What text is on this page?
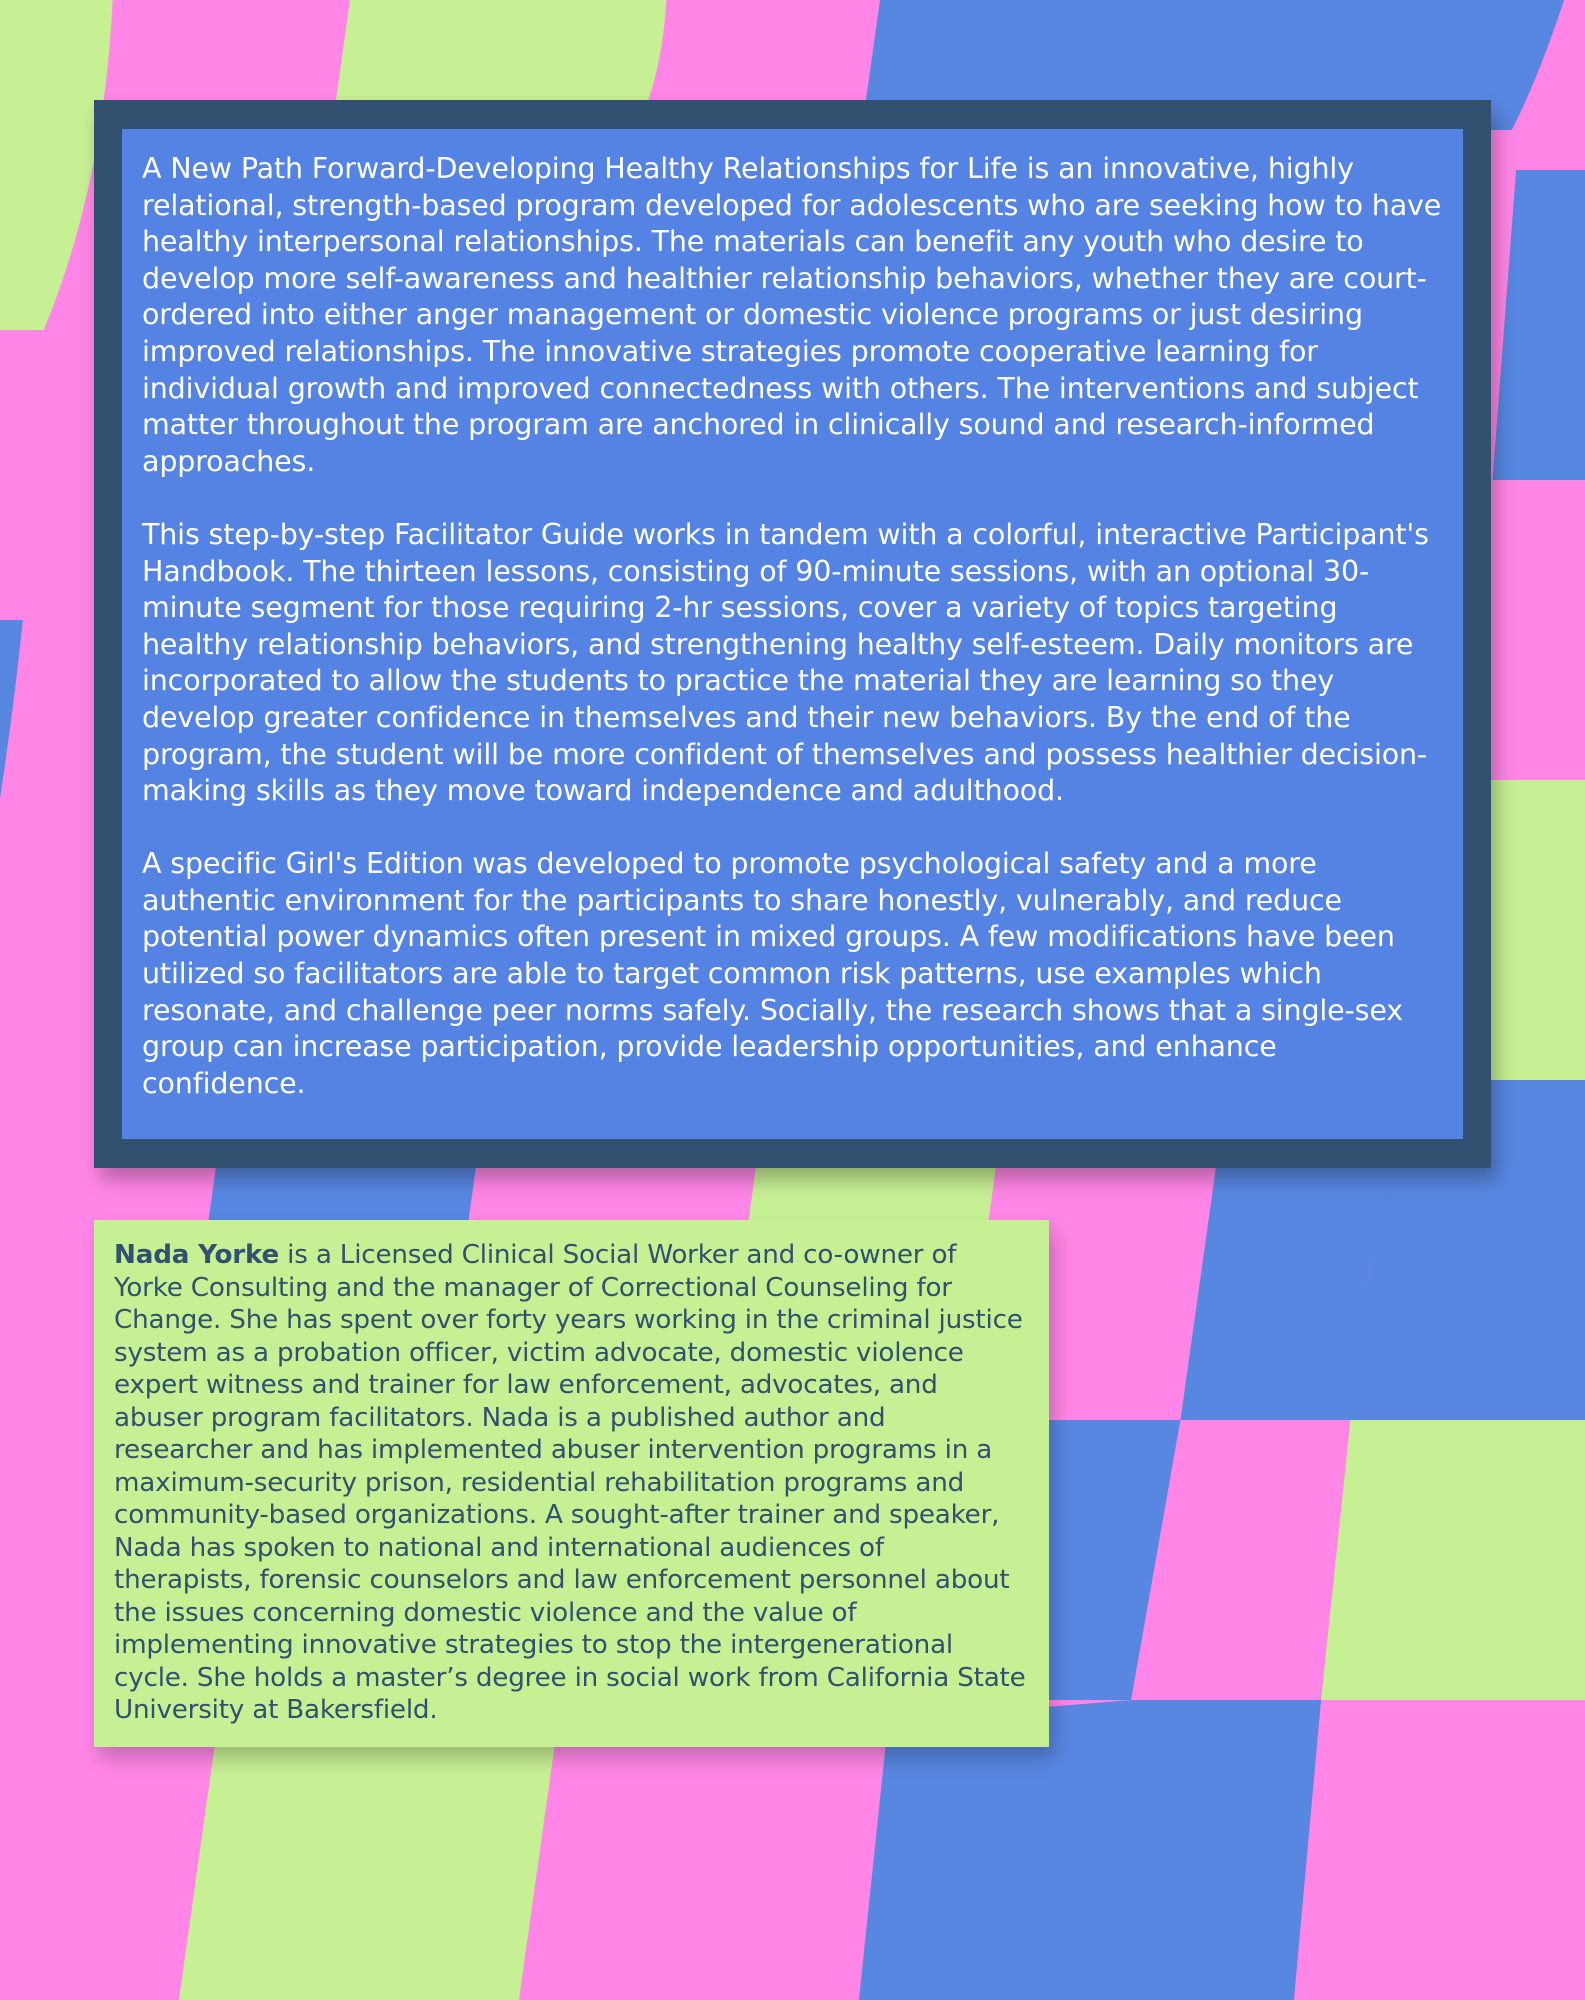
A New Path Forward-Developing Healthy Relationships for Life is an innovative, highly relational, strength-based program developed for adolescents who are seeking how to have healthy interpersonal relationships. The materials can benefit any youth who desire to develop more self-awareness and healthier relationship behaviors, whether they are court-ordered into either anger management or domestic violence programs or just desiring improved relationships. The innovative strategies promote cooperative learning for individual growth and improved connectedness with others. The interventions and subject matter throughout the program are anchored in clinically sound and research-informed approaches.

This step-by-step Facilitator Guide works in tandem with a colorful, interactive Participant's Handbook. The thirteen lessons, consisting of 90-minute sessions, with an optional 30-minute segment for those requiring 2-hr sessions, cover a variety of topics targeting healthy relationship behaviors, and strengthening healthy self-esteem. Daily monitors are incorporated to allow the students to practice the material they are learning so they develop greater confidence in themselves and their new behaviors. By the end of the program, the student will be more confident of themselves and possess healthier decision-making skills as they move toward independence and adulthood.

A specific Girl's Edition was developed to promote psychological safety and a more authentic environment for the participants to share honestly, vulnerably, and reduce potential power dynamics often present in mixed groups. A few modifications have been utilized so facilitators are able to target common risk patterns, use examples which resonate, and challenge peer norms safely. Socially, the research shows that a single-sex group can increase participation, provide leadership opportunities, and enhance confidence.

Nada Yorke is a Licensed Clinical Social Worker and co-owner of Yorke Consulting and the manager of Correctional Counseling for Change. She has spent over forty years working in the criminal justice system as a probation officer, victim advocate, domestic violence expert witness and trainer for law enforcement, advocates, and abuser program facilitators. Nada is a published author and researcher and has implemented abuser intervention programs in a maximum-security prison, residential rehabilitation programs and community-based organizations. A sought-after trainer and speaker, Nada has spoken to national and international audiences of therapists, forensic counselors and law enforcement personnel about the issues concerning domestic violence and the value of implementing innovative strategies to stop the intergenerational cycle. She holds a master’s degree in social work from California State University at Bakersfield.
